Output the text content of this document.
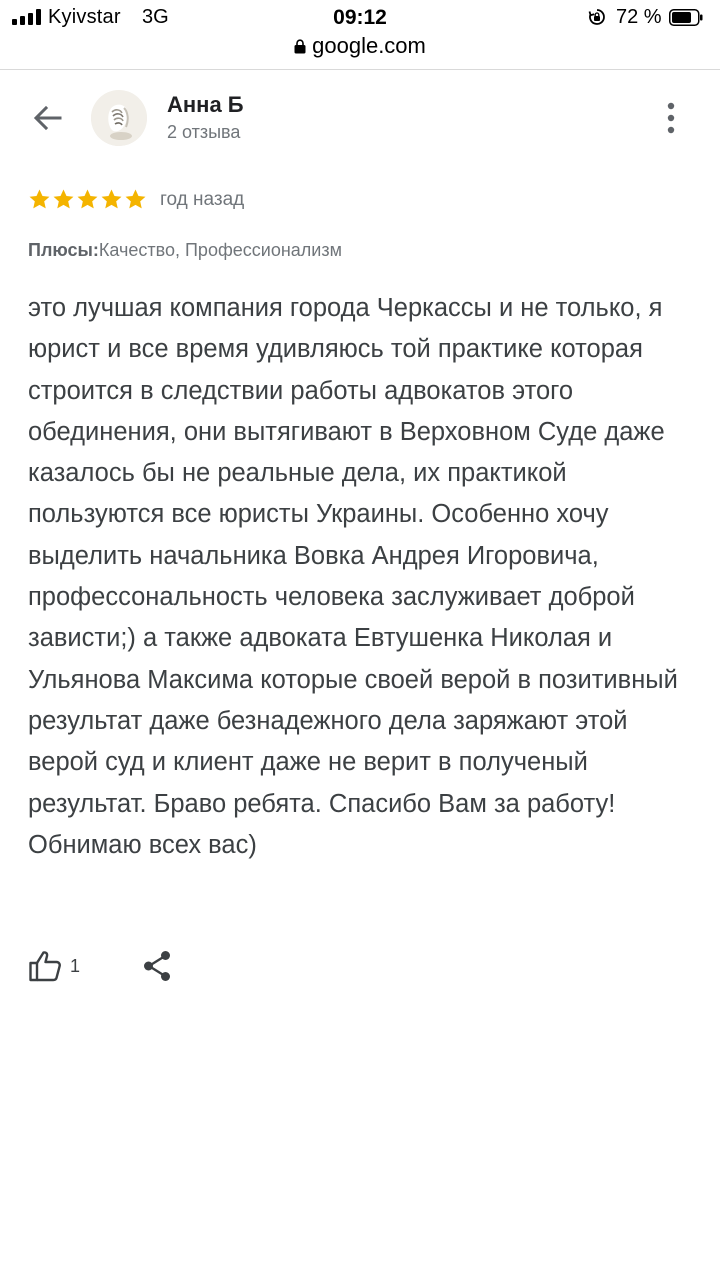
Kyivstar 3G	09:12	72 %
google.com
Анна Б
2 отзыва
год назад
Плюсы:Качество, Профессионализм
это лучшая компания города Черкассы и не только, я юрист и все время удивляюсь той практике которая строится в следствии работы адвокатов этого обединения, они вытягивают в Верховном Суде даже казалось бы не реальные дела, их практикой пользуются все юристы Украины. Особенно хочу выделить начальника Вовка Андрея Игоровича, профессональность человека заслуживает доброй зависти;) а также адвоката Евтушенка Николая и Ульянова Максима которые своей верой в позитивный результат даже безнадежного дела заряжают этой верой суд и клиент даже не верит в полученый результат. Браво ребята. Спасибо Вам за работу! Обнимаю всех вас)
1
